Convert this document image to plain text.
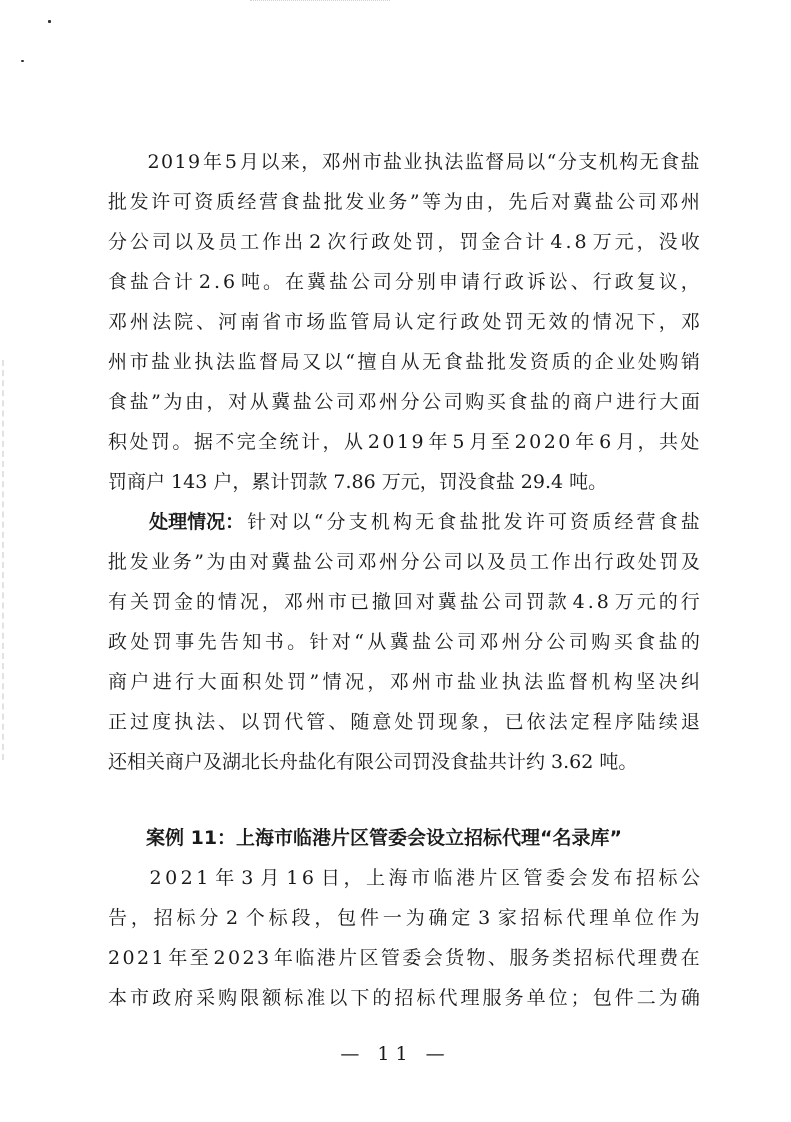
2 0 1 9 年 5 月 以 来 ， 邓 州 市 盐 业 执 法 监 督 局 以 “ 分 支 机 构 无 食 盐
批 发 许 可 资 质 经 营 食 盐 批 发 业 务 ” 等 为 由 ， 先 后 对 冀 盐 公 司 邓 州
分 公 司 以 及 员 工 作 出 2 次 行 政 处 罚 ， 罚 金 合 计 4 . 8 万 元 ， 没 收
食 盐 合 计 2 . 6 吨 。 在 冀 盐 公 司 分 别 申 请 行 政 诉 讼 、 行 政 复 议 ，
邓 州 法 院 、 河 南 省 市 场 监 管 局 认 定 行 政 处 罚 无 效 的 情 况 下 ， 邓
州 市 盐 业 执 法 监 督 局 又 以 “ 擅 自 从 无 食 盐 批 发 资 质 的 企 业 处 购 销
食 盐 ” 为 由 ， 对 从 冀 盐 公 司 邓 州 分 公 司 购 买 食 盐 的 商 户 进 行 大 面
积 处 罚 。 据 不 完 全 统 计 ， 从 2 0 1 9 年 5 月 至 2 0 2 0 年 6 月 ， 共 处
罚商户 143 户，累计罚款 7.86 万元，罚没食盐 29.4 吨。
处理情况： 针 对 以 “ 分 支 机 构 无 食 盐 批 发 许 可 资 质 经 营 食 盐
批 发 业 务 ” 为 由 对 冀 盐 公 司 邓 州 分 公 司 以 及 员 工 作 出 行 政 处 罚 及
有 关 罚 金 的 情 况 ， 邓 州 市 已 撤 回 对 冀 盐 公 司 罚 款 4 . 8 万 元 的 行
政 处 罚 事 先 告 知 书 。 针 对 “ 从 冀 盐 公 司 邓 州 分 公 司 购 买 食 盐 的
商 户 进 行 大 面 积 处 罚 ” 情 况 ， 邓 州 市 盐 业 执 法 监 督 机 构 坚 决 纠
正 过 度 执 法 、 以 罚 代 管 、 随 意 处 罚 现 象 ， 已 依 法 定 程 序 陆 续 退
还相关商户及湖北长舟盐化有限公司罚没食盐共计约 3.62 吨。
案例 11：上海市临港片区管委会设立招标代理“名录库”
2 0 2 1 年 3 月 1 6 日 ， 上 海 市 临 港 片 区 管 委 会 发 布 招 标 公
告 ， 招 标 分 2 个 标 段 ， 包 件 一 为 确 定 3 家 招 标 代 理 单 位 作 为
2 0 2 1 年 至 2 0 2 3 年 临 港 片 区 管 委 会 货 物 、 服 务 类 招 标 代 理 费 在
本 市 政 府 采 购 限 额 标 准 以 下 的 招 标 代 理 服 务 单 位 ； 包 件 二 为 确
— 11 —
